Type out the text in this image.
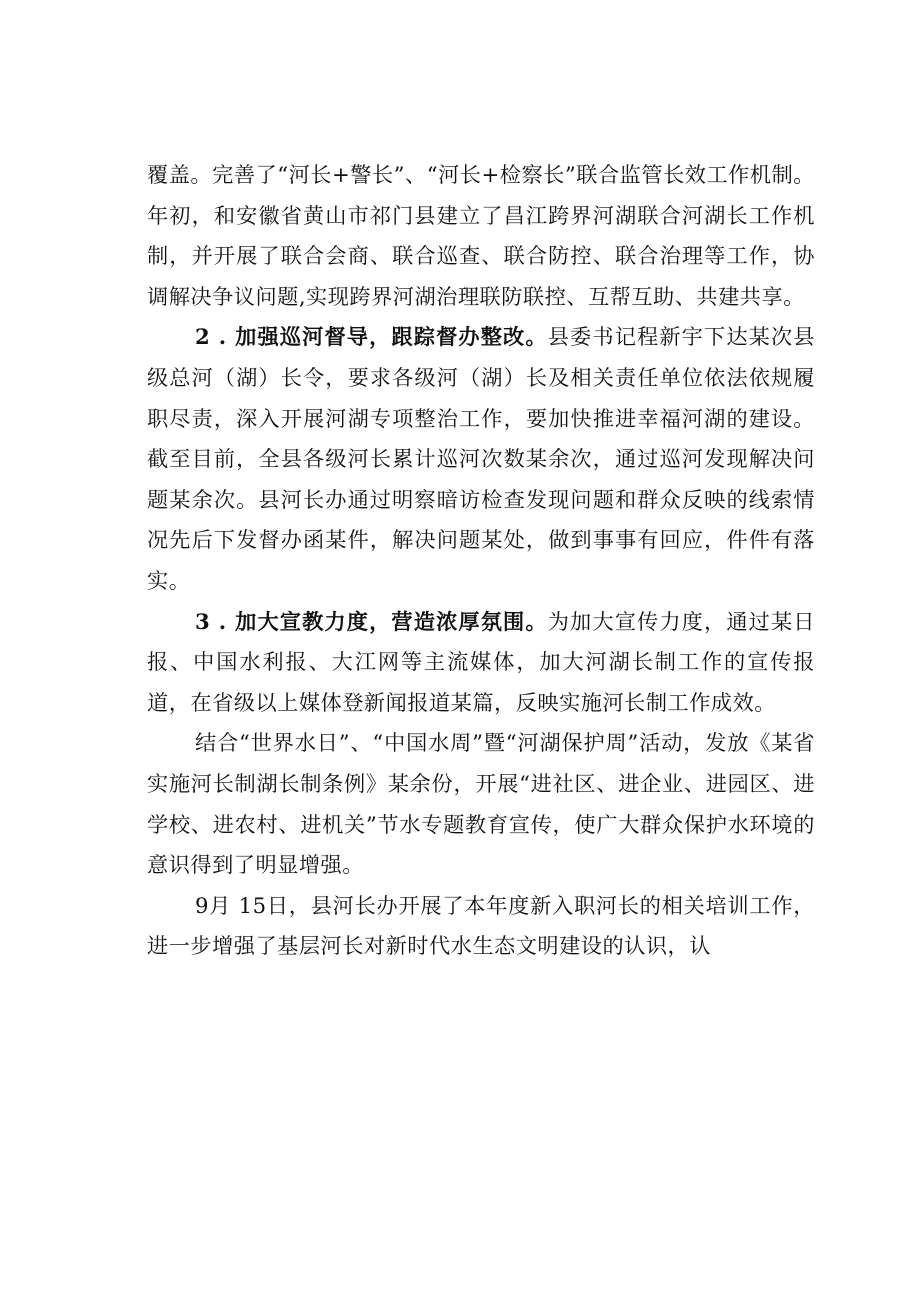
覆盖。完善了“河长+警长”、“河长+检察长”联合监管长效工作机制。年初，和安徽省黄山市祁门县建立了昌江跨界河湖联合河湖长工作机制，并开展了联合会商、联合巡查、联合防控、联合治理等工作，协调解决争议问题,实现跨界河湖治理联防联控、互帮互助、共建共享。

2 . 加强巡河督导，跟踪督办整改。县委书记程新宇下达某次县级总河（湖）长令，要求各级河（湖）长及相关责任单位依法依规履职尽责，深入开展河湖专项整治工作，要加快推进幸福河湖的建设。截至目前，全县各级河长累计巡河次数某余次，通过巡河发现解决问题某余次。县河长办通过明察暗访检查发现问题和群众反映的线索情况先后下发督办函某件，解决问题某处，做到事事有回应，件件有落实。

3 . 加大宣教力度，营造浓厚氛围。为加大宣传力度，通过某日报、中国水利报、大江网等主流媒体，加大河湖长制工作的宣传报道，在省级以上媒体登新闻报道某篇，反映实施河长制工作成效。

结合“世界水日”、“中国水周”暨“河湖保护周”活动，发放《某省实施河长制湖长制条例》某余份，开展“进社区、进企业、进园区、进学校、进农村、进机关”节水专题教育宣传，使广大群众保护水环境的意识得到了明显增强。

9月 15日，县河长办开展了本年度新入职河长的相关培训工作，进一步增强了基层河长对新时代水生态文明建设的认识，认
